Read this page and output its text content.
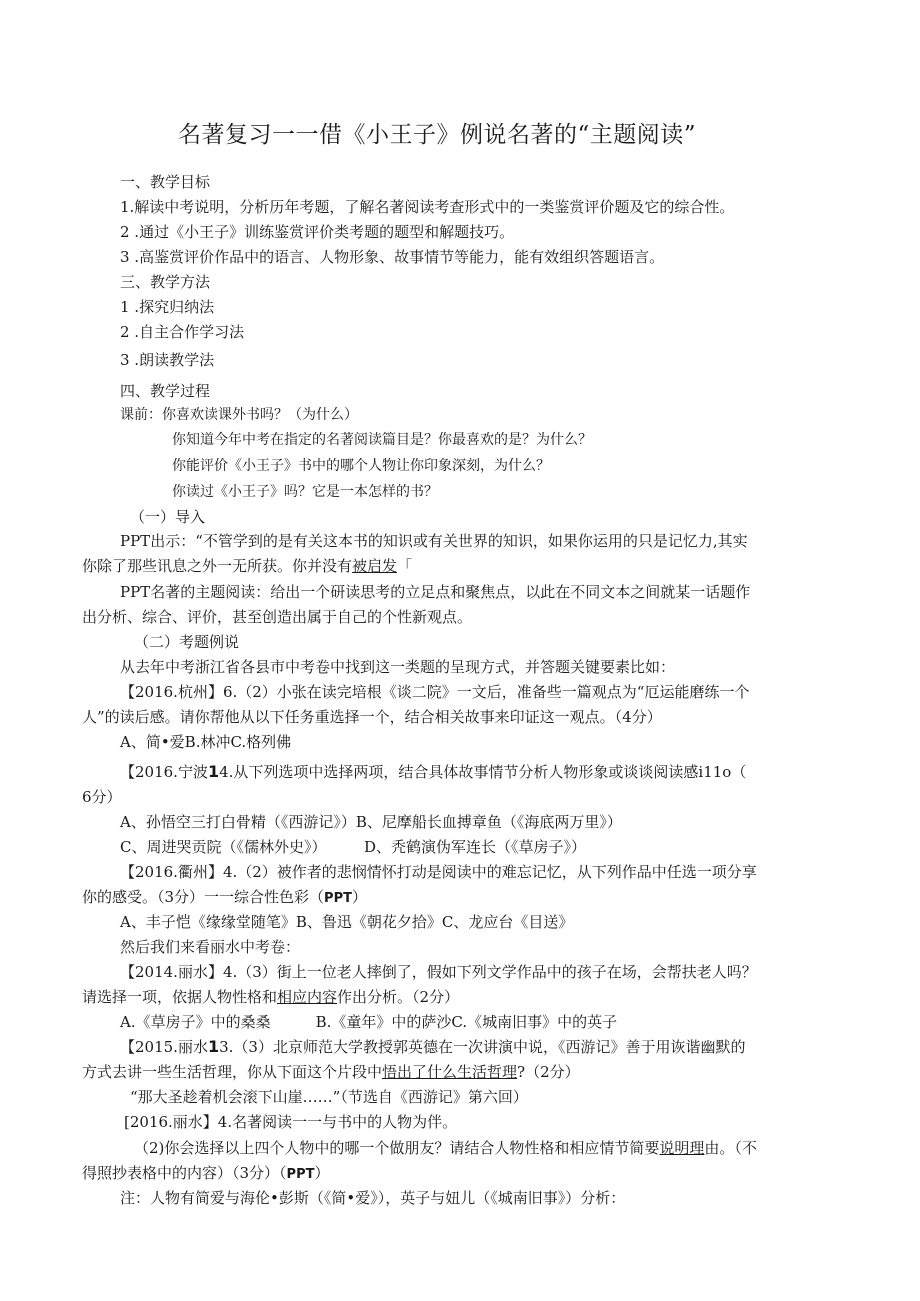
名著复习一一借《小王子》例说名著的“主题阅读”
一、教学目标
1.解读中考说明，分析历年考题，了解名著阅读考查形式中的一类鉴赏评价题及它的综合性。
2 .通过《小王子》训练鉴赏评价类考题的题型和解题技巧。
3 .高鉴赏评价作品中的语言、人物形象、故事情节等能力，能有效组织答题语言。
三、教学方法
1 .探究归纳法
2 .自主合作学习法
3 .朗读教学法
四、教学过程
课前：你喜欢读课外书吗？（为什么）
你知道今年中考在指定的名著阅读篇目是？你最喜欢的是？为什么？
你能评价《小王子》书中的哪个人物让你印象深刻，为什么？
你读过《小王子》吗？它是一本怎样的书？
（一）导入
PPT出示：“不管学到的是有关这本书的知识或有关世界的知识，如果你运用的只是记忆力,其实
你除了那些讯息之外一无所获。你并没有被启发「
PPT名著的主题阅读：给出一个研读思考的立足点和聚焦点，以此在不同文本之间就某一话题作
出分析、综合、评价，甚至创造出属于自己的个性新观点。
（二）考题例说
从去年中考浙江省各县市中考卷中找到这一类题的呈现方式，并答题关键要素比如：
【2016.杭州】6.（2）小张在读完培根《谈二院》一文后，准备些一篇观点为“厄运能磨练一个
人”的读后感。请你帮他从以下任务重选择一个，结合相关故事来印证这一观点。（4分）
A、简•爱B.林冲C.格列佛
【2016.宁波14.从下列选项中选择两项，结合具体故事情节分析人物形象或谈谈阅读感i11o（
6分）
A、孙悟空三打白骨精（《西游记》）B、尼摩船长血搏章鱼（《海底两万里》）
C、周进哭贡院（《儒林外史》）　　　D、秃鹤演伪军连长（《草房子》）
【2016.衢州】4.（2）被作者的悲悯情怀打动是阅读中的难忘记忆，从下列作品中任选一项分享
你的感受。（3分）一一综合性色彩（PPT）
A、丰子恺《缘缘堂随笔》B、鲁迅《朝花夕拾》C、龙应台《目送》
然后我们来看丽水中考卷：
【2014.丽水】4.（3）街上一位老人摔倒了，假如下列文学作品中的孩子在场，会帮扶老人吗？
请选择一项，依据人物性格和相应内容作出分析。（2分）
A.《草房子》中的桑桑　　　B.《童年》中的萨沙C.《城南旧事》中的英子
【2015.丽水13.（3）北京师范大学教授郭英德在一次讲演中说，《西游记》善于用诙谐幽默的
方式去讲一些生活哲理，你从下面这个片段中悟出了什么生活哲理?（2分）
“那大圣趁着机会滚下山崖……”（节选自《西游记》第六回）
[2016.丽水】4.名著阅读一一与书中的人物为伴。
（2)你会选择以上四个人物中的哪一个做朋友？请结合人物性格和相应情节简要说明理由。（不
得照抄表格中的内容）（3分）（PPT）
注：人物有简爱与海伦•彭斯（《简•爱》），英子与妞儿（《城南旧事》）分析：
